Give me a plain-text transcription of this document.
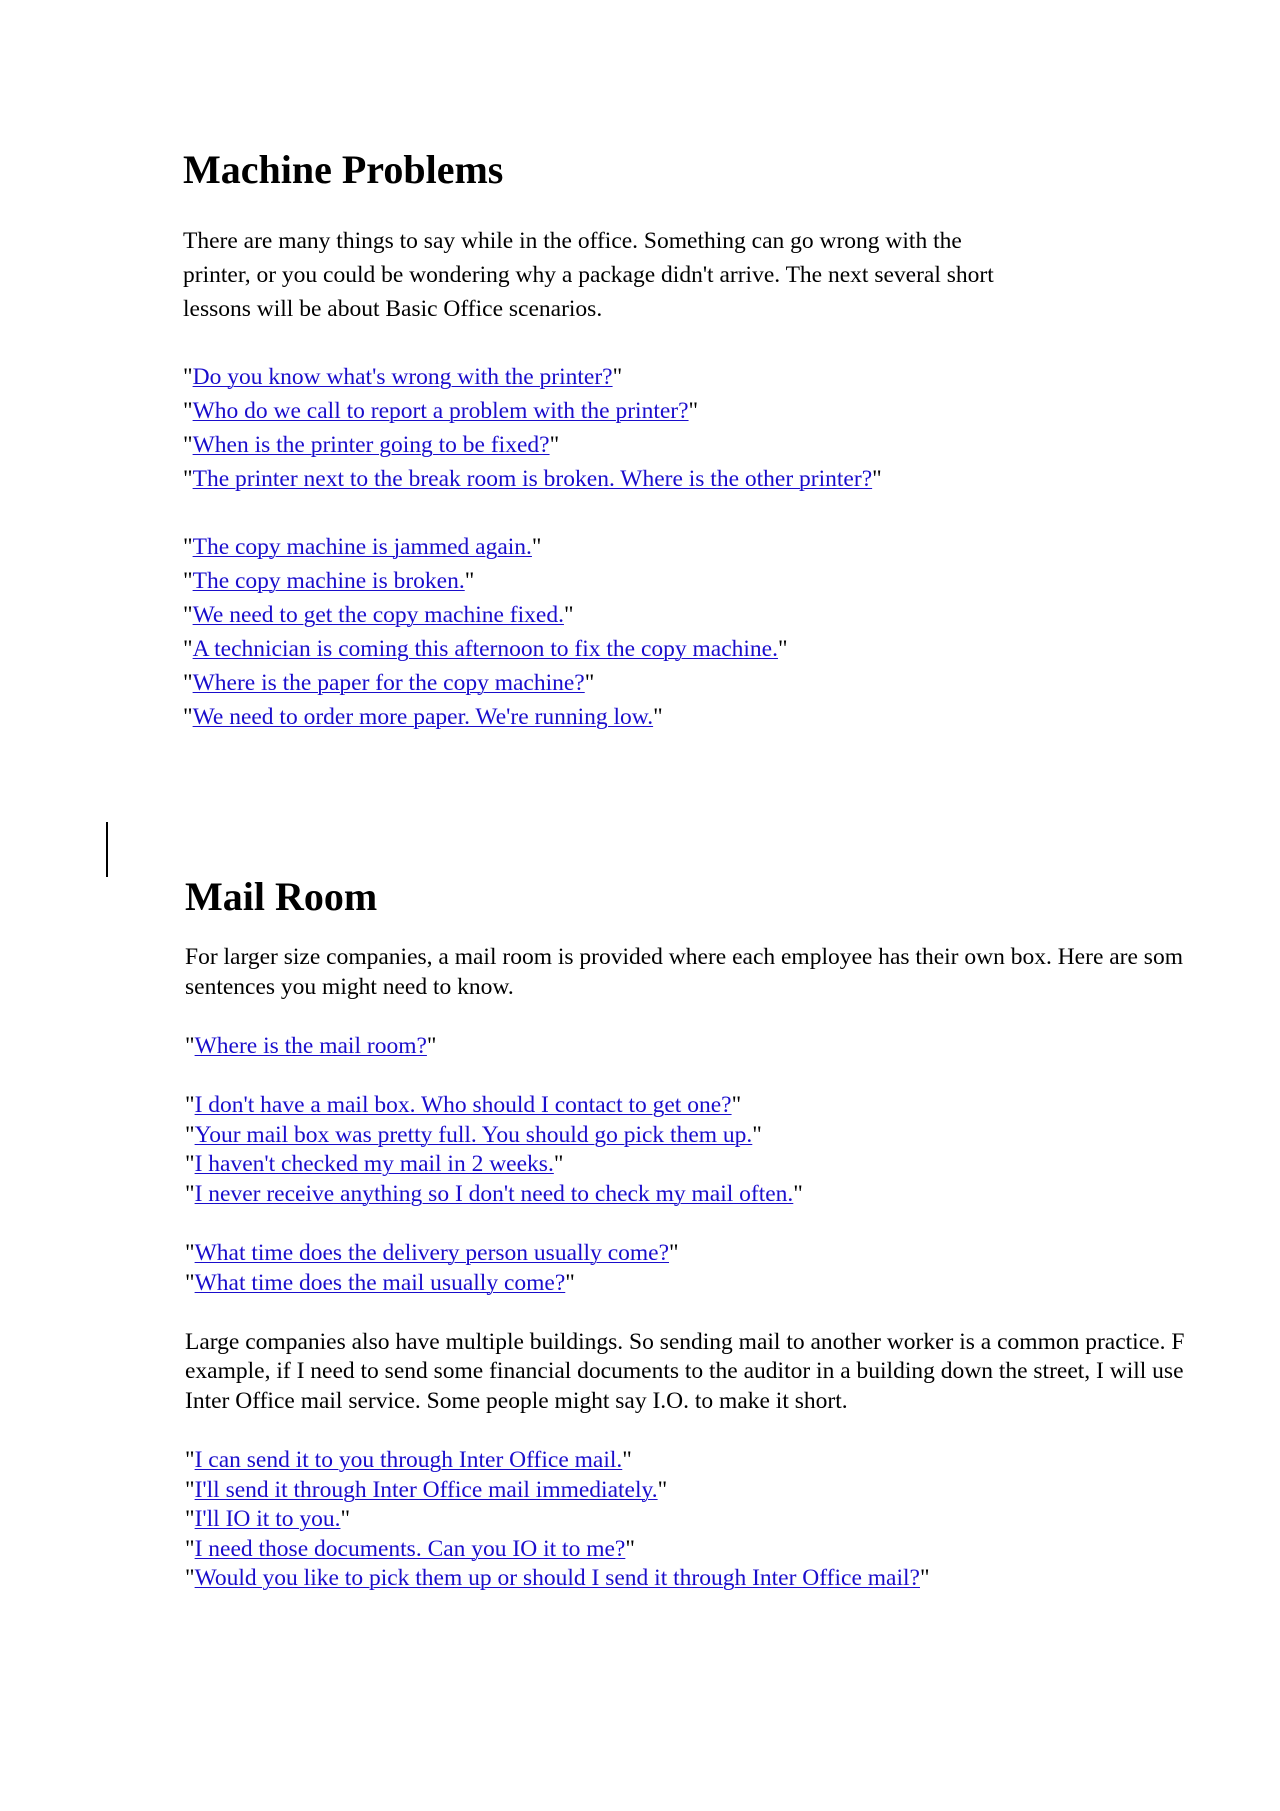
Machine Problems
There are many things to say while in the office. Something can go wrong with the
printer, or you could be wondering why a package didn't arrive. The next several short
lessons will be about Basic Office scenarios.
"Do you know what's wrong with the printer?"
"Who do we call to report a problem with the printer?"
"When is the printer going to be fixed?"
"The printer next to the break room is broken. Where is the other printer?"
"The copy machine is jammed again."
"The copy machine is broken."
"We need to get the copy machine fixed."
"A technician is coming this afternoon to fix the copy machine."
"Where is the paper for the copy machine?"
"We need to order more paper. We're running low."
Mail Room
For larger size companies, a mail room is provided where each employee has their own box. Here are som
sentences you might need to know.
"Where is the mail room?"
"I don't have a mail box. Who should I contact to get one?"
"Your mail box was pretty full. You should go pick them up."
"I haven't checked my mail in 2 weeks."
"I never receive anything so I don't need to check my mail often."
"What time does the delivery person usually come?"
"What time does the mail usually come?"
Large companies also have multiple buildings. So sending mail to another worker is a common practice. F
example, if I need to send some financial documents to the auditor in a building down the street, I will use
Inter Office mail service. Some people might say I.O. to make it short.
"I can send it to you through Inter Office mail."
"I'll send it through Inter Office mail immediately."
"I'll IO it to you."
"I need those documents. Can you IO it to me?"
"Would you like to pick them up or should I send it through Inter Office mail?"
